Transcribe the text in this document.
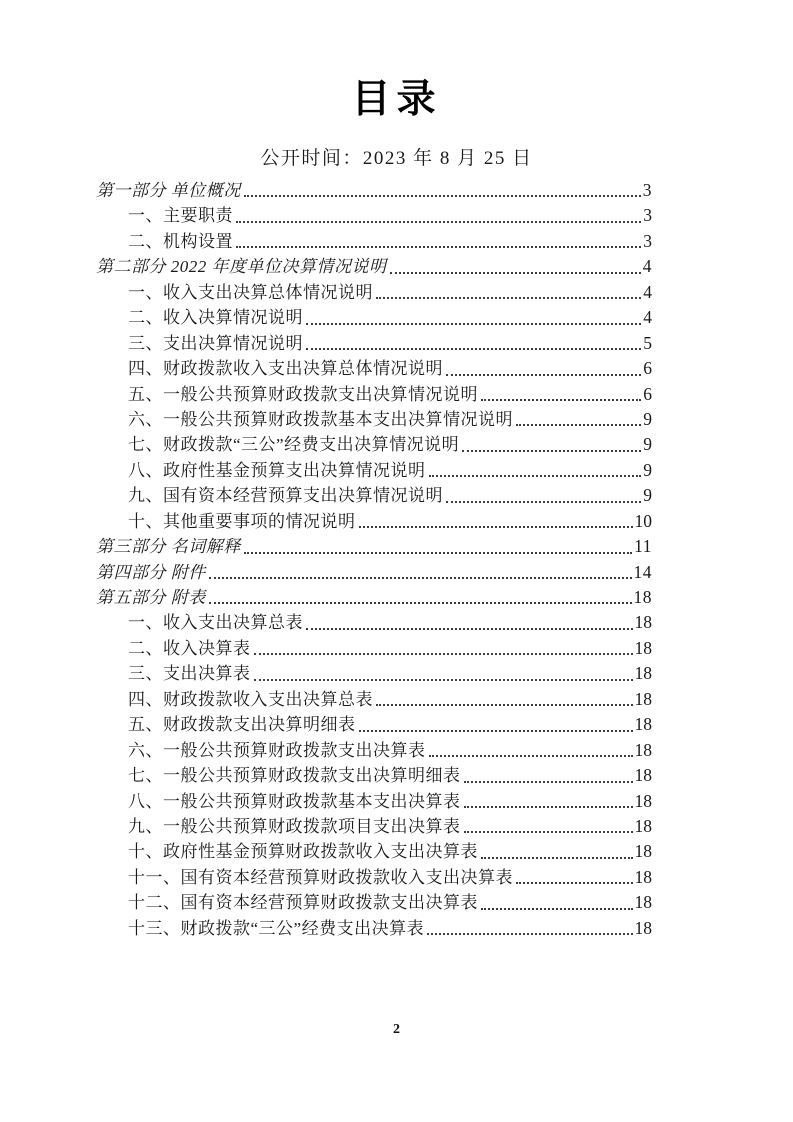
目录
公开时间：2023 年 8 月 25 日
第一部分 单位概况	3
一、主要职责	3
二、机构设置	3
第二部分 2022 年度单位决算情况说明	4
一、收入支出决算总体情况说明	4
二、收入决算情况说明	4
三、支出决算情况说明	5
四、财政拨款收入支出决算总体情况说明	6
五、一般公共预算财政拨款支出决算情况说明	6
六、一般公共预算财政拨款基本支出决算情况说明	9
七、财政拨款“三公”经费支出决算情况说明	9
八、政府性基金预算支出决算情况说明	9
九、国有资本经营预算支出决算情况说明	9
十、其他重要事项的情况说明	10
第三部分 名词解释	11
第四部分 附件	14
第五部分 附表	18
一、收入支出决算总表	18
二、收入决算表	18
三、支出决算表	18
四、财政拨款收入支出决算总表	18
五、财政拨款支出决算明细表	18
六、一般公共预算财政拨款支出决算表	18
七、一般公共预算财政拨款支出决算明细表	18
八、一般公共预算财政拨款基本支出决算表	18
九、一般公共预算财政拨款项目支出决算表	18
十、政府性基金预算财政拨款收入支出决算表	18
十一、国有资本经营预算财政拨款收入支出决算表	18
十二、国有资本经营预算财政拨款支出决算表	18
十三、财政拨款“三公”经费支出决算表	18
2
